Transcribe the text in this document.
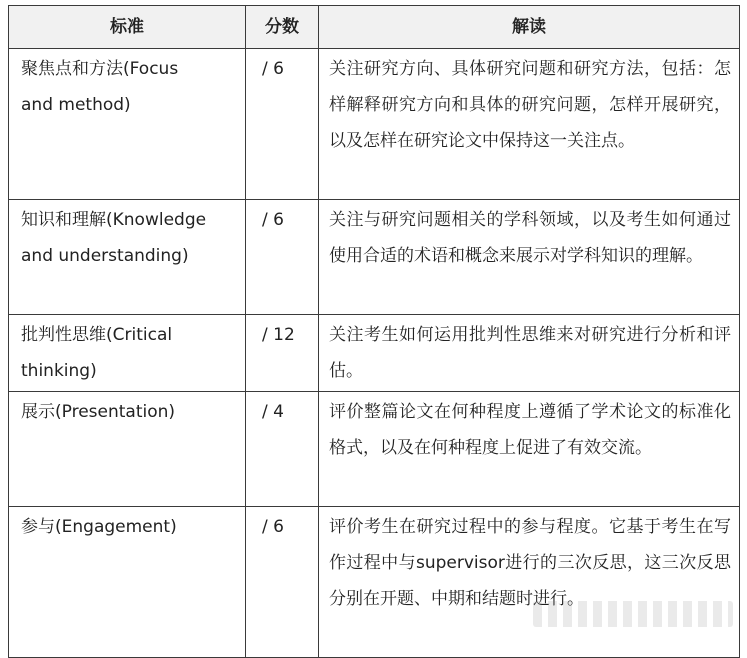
标准	分数	解读

聚焦点和方法(Focus
and method)	/ 6	关注研究方向、具体研究问题和研究方法，包括：怎样解释研究方向和具体的研究问题，怎样开展研究，以及怎样在研究论文中保持这一关注点。

知识和理解(Knowledge
and understanding)	/ 6	关注与研究问题相关的学科领域，以及考生如何通过使用合适的术语和概念来展示对学科知识的理解。

批判性思维(Critical
thinking)	/ 12	关注考生如何运用批判性思维来对研究进行分析和评估。

展示(Presentation)	/ 4	评价整篇论文在何种程度上遵循了学术论文的标准化格式，以及在何种程度上促进了有效交流。

参与(Engagement)	/ 6	评价考生在研究过程中的参与程度。它基于考生在写作过程中与supervisor进行的三次反思，这三次反思分别在开题、中期和结题时进行。
